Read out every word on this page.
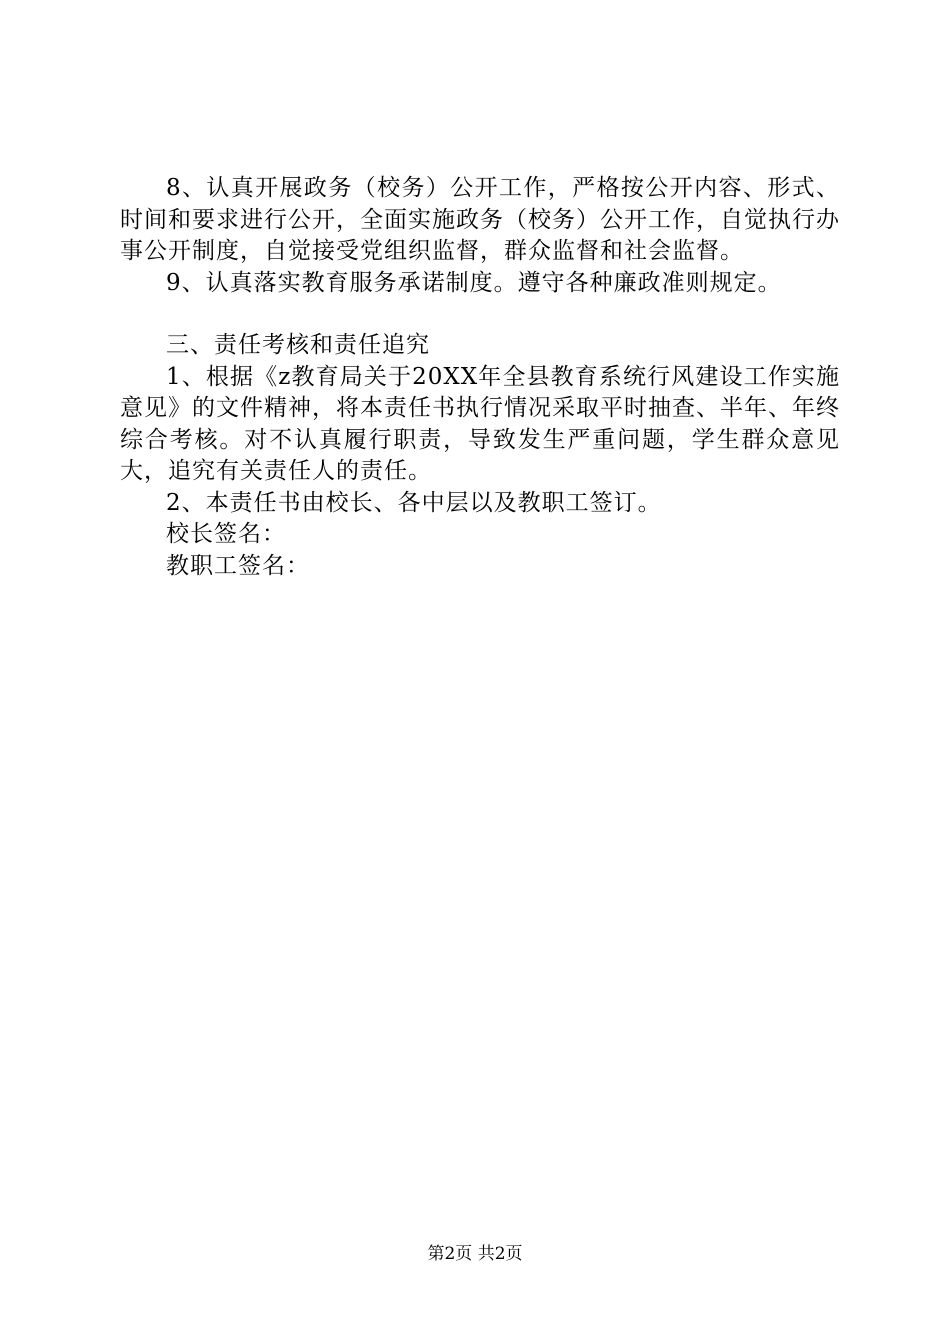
8、认真开展政务（校务）公开工作，严格按公开内容、形式、时间和要求进行公开，全面实施政务（校务）公开工作，自觉执行办事公开制度，自觉接受党组织监督，群众监督和社会监督。

9、认真落实教育服务承诺制度。遵守各种廉政准则规定。

三、责任考核和责任追究

1、根据《z教育局关于20XX年全县教育系统行风建设工作实施意见》的文件精神，将本责任书执行情况采取平时抽查、半年、年终综合考核。对不认真履行职责，导致发生严重问题，学生群众意见大，追究有关责任人的责任。

2、本责任书由校长、各中层以及教职工签订。

校长签名：

教职工签名：

第2页 共2页
